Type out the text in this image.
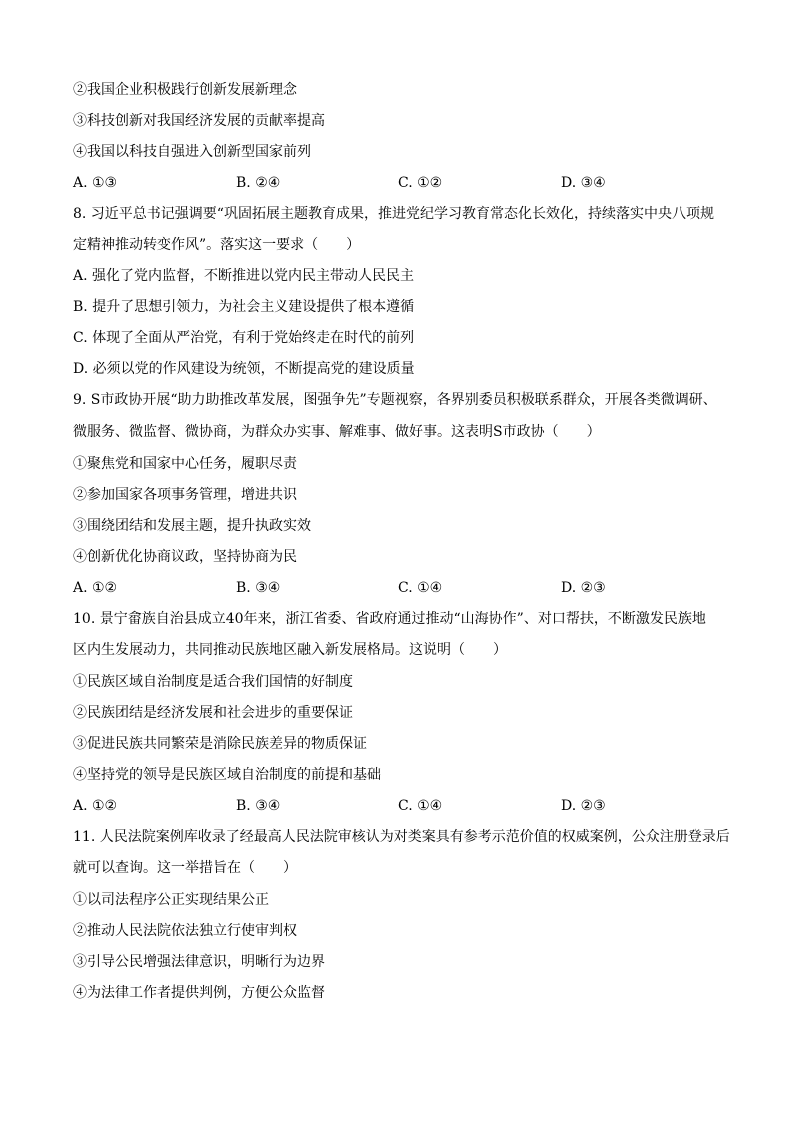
②我国企业积极践行创新发展新理念
③科技创新对我国经济发展的贡献率提高
④我国以科技自强进入创新型国家前列
A. ①③	B. ②④	C. ①②	D. ③④
8. 习近平总书记强调要“巩固拓展主题教育成果，推进党纪学习教育常态化长效化，持续落实中央八项规
定精神推动转变作风”。落实这一要求（　　）
A. 强化了党内监督，不断推进以党内民主带动人民民主
B. 提升了思想引领力，为社会主义建设提供了根本遵循
C. 体现了全面从严治党，有利于党始终走在时代的前列
D. 必须以党的作风建设为统领，不断提高党的建设质量
9. S市政协开展“助力助推改革发展，图强争先”专题视察，各界别委员积极联系群众，开展各类微调研、
微服务、微监督、微协商，为群众办实事、解难事、做好事。这表明S市政协（　　）
①聚焦党和国家中心任务，履职尽责
②参加国家各项事务管理，增进共识
③围绕团结和发展主题，提升执政实效
④创新优化协商议政，坚持协商为民
A. ①②	B. ③④	C. ①④	D. ②③
10. 景宁畲族自治县成立40年来，浙江省委、省政府通过推动“山海协作”、对口帮扶，不断激发民族地
区内生发展动力，共同推动民族地区融入新发展格局。这说明（　　）
①民族区域自治制度是适合我们国情的好制度
②民族团结是经济发展和社会进步的重要保证
③促进民族共同繁荣是消除民族差异的物质保证
④坚持党的领导是民族区域自治制度的前提和基础
A. ①②	B. ③④	C. ①④	D. ②③
11. 人民法院案例库收录了经最高人民法院审核认为对类案具有参考示范价值的权威案例，公众注册登录后
就可以查询。这一举措旨在（　　）
①以司法程序公正实现结果公正
②推动人民法院依法独立行使审判权
③引导公民增强法律意识，明晰行为边界
④为法律工作者提供判例，方便公众监督
